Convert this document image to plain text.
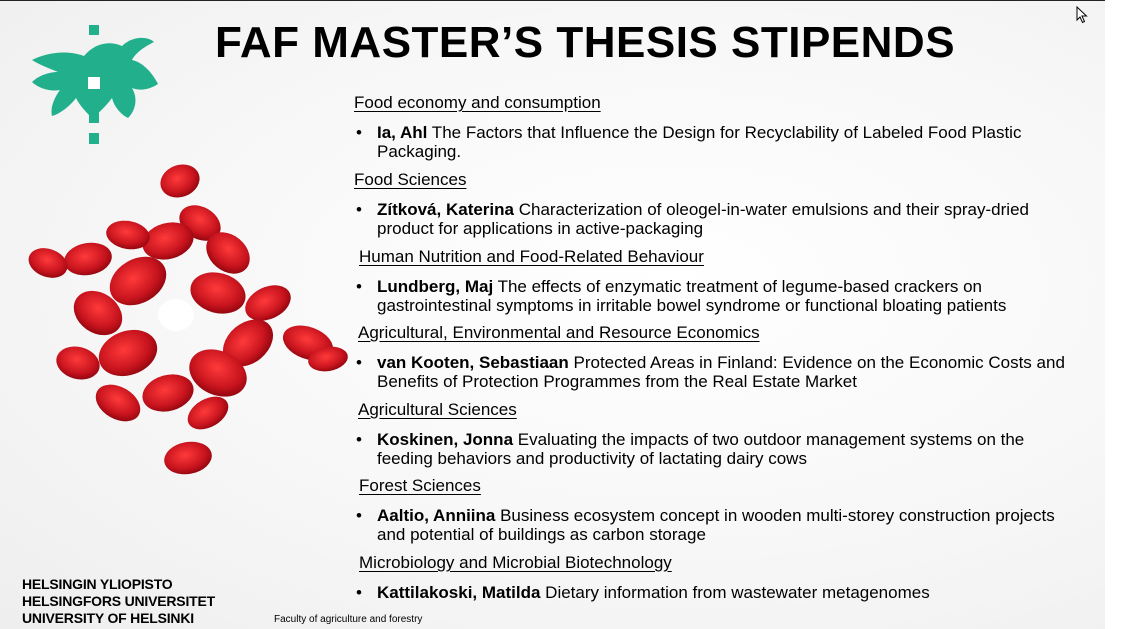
FAF MASTER’S THESIS STIPENDS
Food economy and consumption
• Ia, Ahl The Factors that Influence the Design for Recyclability of Labeled Food Plastic Packaging.
Food Sciences
• Zítková, Katerina Characterization of oleogel-in-water emulsions and their spray-dried product for applications in active-packaging
Human Nutrition and Food-Related Behaviour
• Lundberg, Maj The effects of enzymatic treatment of legume-based crackers on gastrointestinal symptoms in irritable bowel syndrome or functional bloating patients
Agricultural, Environmental and Resource Economics
• van Kooten, Sebastiaan Protected Areas in Finland: Evidence on the Economic Costs and Benefits of Protection Programmes from the Real Estate Market
Agricultural Sciences
• Koskinen, Jonna Evaluating the impacts of two outdoor management systems on the feeding behaviors and productivity of lactating dairy cows
Forest Sciences
• Aaltio, Anniina Business ecosystem concept in wooden multi-storey construction projects and potential of buildings as carbon storage
Microbiology and Microbial Biotechnology
• Kattilakoski, Matilda Dietary information from wastewater metagenomes
HELSINGIN YLIOPISTO
HELSINGFORS UNIVERSITET
UNIVERSITY OF HELSINKI	Faculty of agriculture and forestry
